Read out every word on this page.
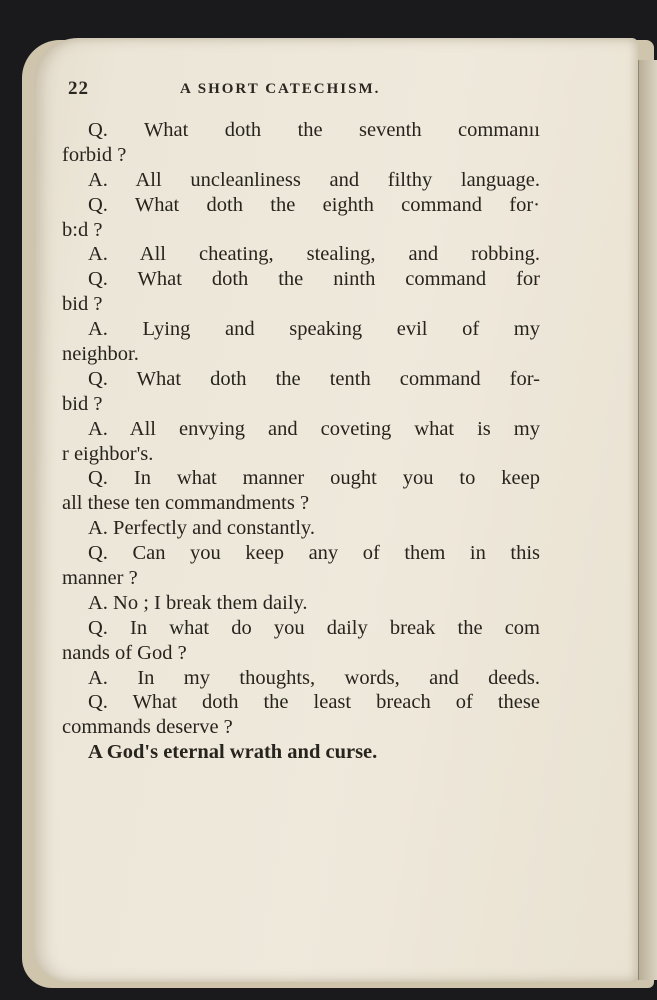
22	A SHORT CATECHISM.
Q. What doth the seventh commanıı
forbid ?
A. All uncleanliness and filthy language.
Q. What doth the eighth command for·
b:d ?
A. All cheating, stealing, and robbing.
Q. What doth the ninth command for
bid ?
A. Lying and speaking evil of my
neighbor.
Q. What doth the tenth command for-
bid ?
A. All envying and coveting what is my
r eighbor's.
Q. In what manner ought you to keep
all these ten commandments ?
A. Perfectly and constantly.
Q. Can you keep any of them in this
manner ?
A. No ; I break them daily.
Q. In what do you daily break the com
nands of God ?
A. In my thoughts, words, and deeds.
Q. What doth the least breach of these
commands deserve ?
A God's eternal wrath and curse.
